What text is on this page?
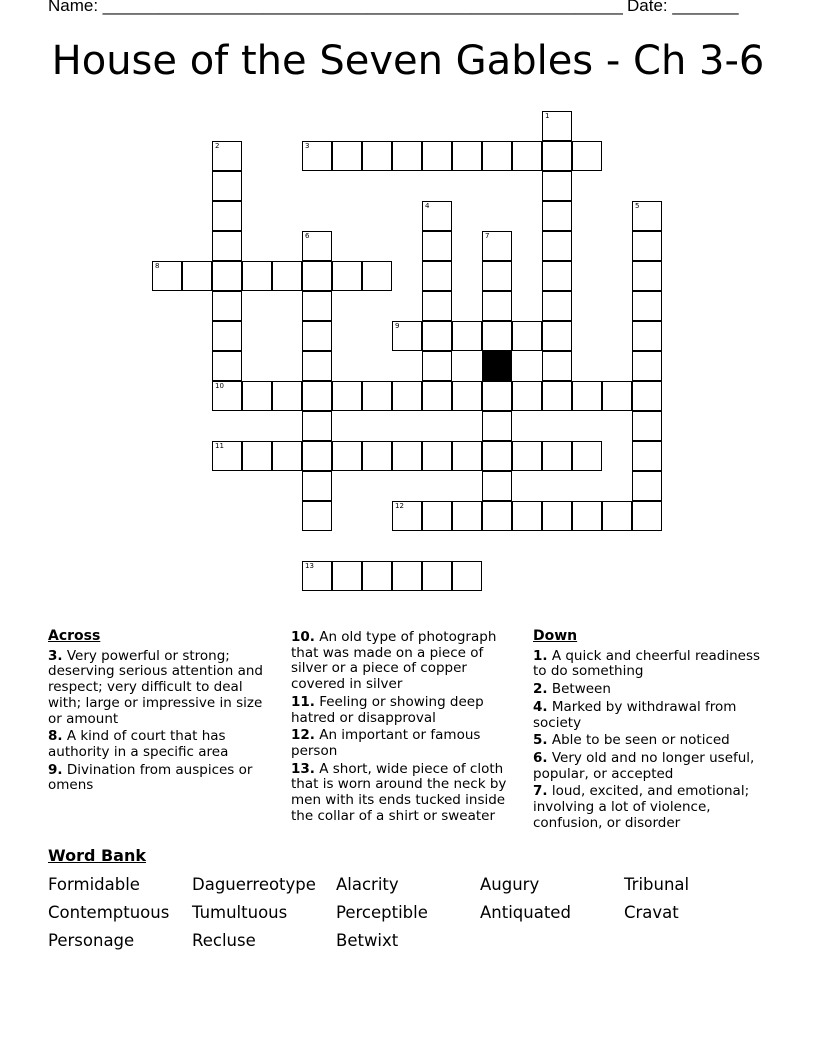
Name: _______________________________________________________ Date: _______
House of the Seven Gables - Ch 3-6
3
8
9
10
11
12
13
1
2
4	5
6	7
Across
3. Very powerful or strong; deserving serious attention and respect; very difficult to deal with; large or impressive in size or amount
8. A kind of court that has authority in a specific area
9. Divination from auspices or omens
10. An old type of photograph that was made on a piece of silver or a piece of copper covered in silver
11. Feeling or showing deep hatred or disapproval
12. An important or famous person
13. A short, wide piece of cloth that is worn around the neck by men with its ends tucked inside the collar of a shirt or sweater
Down
1. A quick and cheerful readiness to do something
2. Between
4. Marked by withdrawal from society
5. Able to be seen or noticed
6. Very old and no longer useful, popular, or accepted
7. loud, excited, and emotional; involving a lot of violence, confusion, or disorder
Word Bank
Formidable	Daguerreotype Alacrity	Augury	Tribunal
Contemptuous Tumultuous	Perceptible	Antiquated	Cravat
Personage	Recluse	Betwixt
